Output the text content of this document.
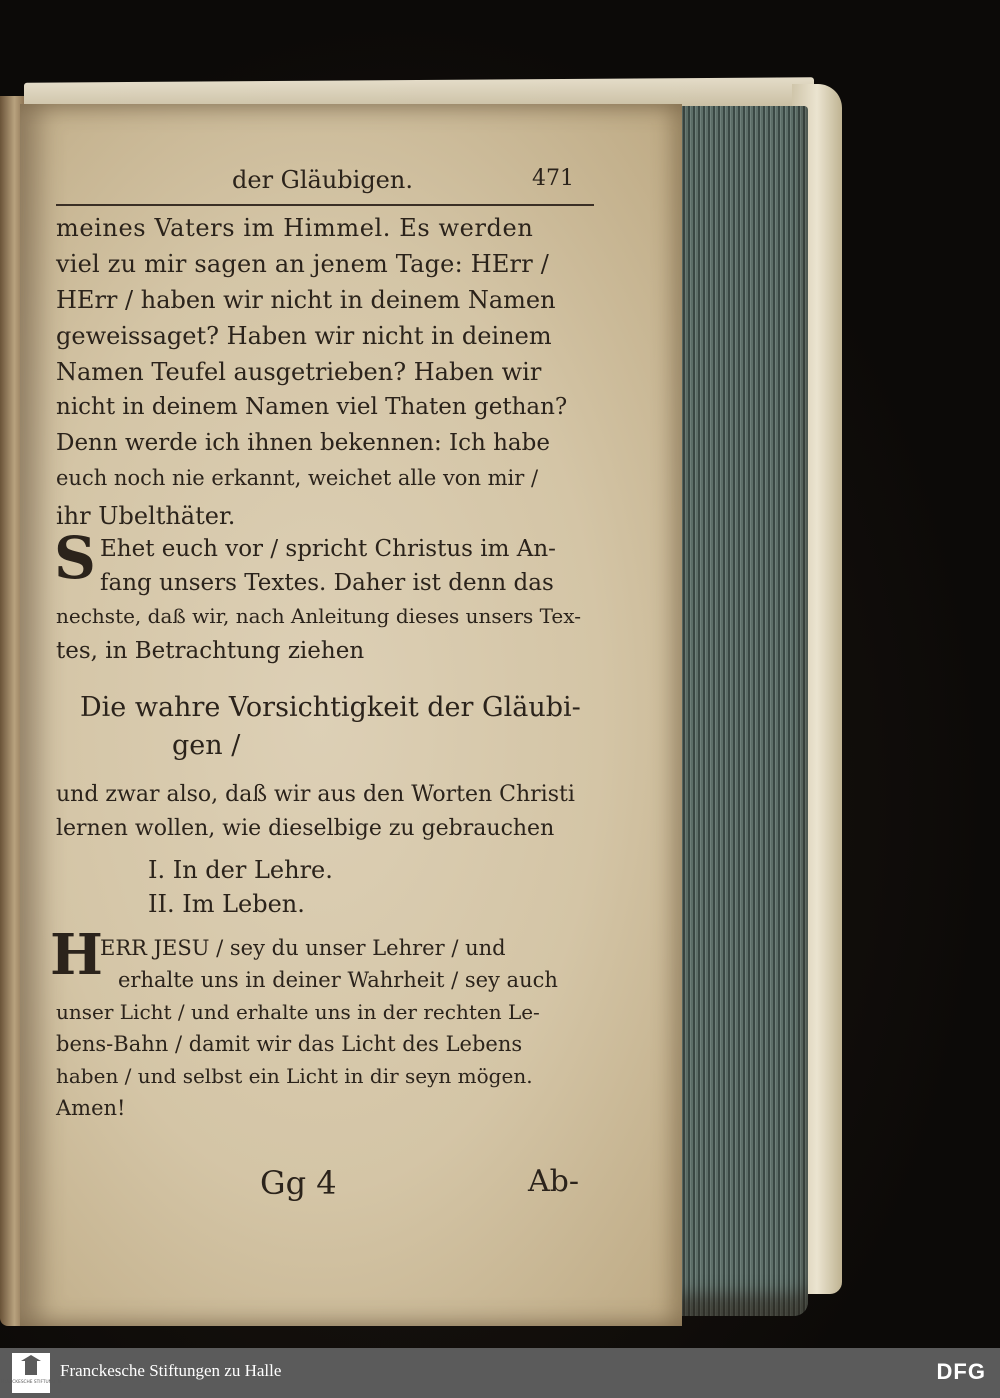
der Gläubigen.	471
meines Vaters im Himmel. Es werden
viel zu mir sagen an jenem Tage: HErr /
HErr / haben wir nicht in deinem Namen
geweissaget? Haben wir nicht in deinem
Namen Teufel ausgetrieben? Haben wir
nicht in deinem Namen viel Thaten gethan?
Denn werde ich ihnen bekennen: Ich habe
euch noch nie erkannt, weichet alle von mir /
ihr Ubelthäter.
S Ehet euch vor / spricht Christus im An-
fang unsers Textes. Daher ist denn das
nechste, daß wir, nach Anleitung dieses unsers Tex-
tes, in Betrachtung ziehen
Die wahre Vorsichtigkeit der Gläubi-
gen /
und zwar also, daß wir aus den Worten Christi
lernen wollen, wie dieselbige zu gebrauchen
I. In der Lehre.
II. Im Leben.
H
ERR JESU / sey du unser Lehrer / und
erhalte uns in deiner Wahrheit / sey auch
unser Licht / und erhalte uns in der rechten Le-
bens-Bahn / damit wir das Licht des Lebens
haben / und selbst ein Licht in dir seyn mögen.
Amen!
Gg 4	Ab-
FRANCKESCHE STIFTUNGEN
Franckesche Stiftungen zu Halle	DFG
